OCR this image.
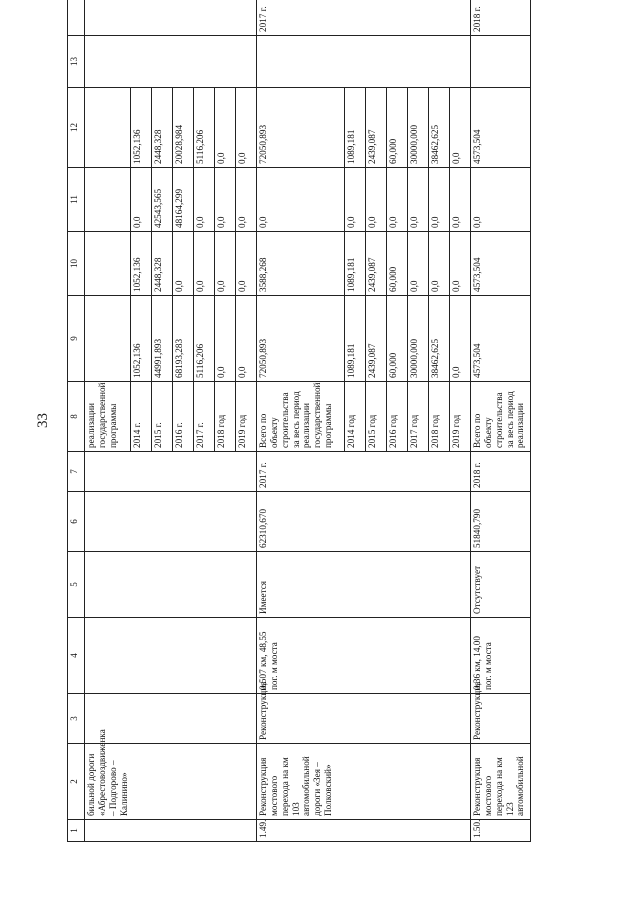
33
1	2	3	4	5	6	7	8	9	10	11	12	13	
	бильной дороги «Абрестовоздвиженка – Подгорово – Калинино»						реализации государственной программы						
							2014 г.	1052,136	1052,136	0,0	1052,136		
							2015 г.	44991,893	2448,328	42543,565	2448,328		
							2016 г.	68193,283	0,0	48164,299	20028,984		
							2017 г.	5116,206	0,0	0,0	5116,206		
							2018 год	0,0	0,0	0,0	0,0		
							2019 год	0,0	0,0	0,0	0,0		
1.49.	Реконструкция мостового перехода на км 103 автомобильной дороги «Зея – Полковский»	Реконструкция	0,507 км, 48,55 пог. м моста	Имеется	62310,670	2017 г.	Всего по объекту строительства за весь период реализации государственной программы	72050,893	3588,268	0,0	72050,893		2017 г.
							2014 год	1089,181	1089,181	0,0	1089,181		
							2015 год	2439,087	2439,087	0,0	2439,087		
							2016 год	60,000	60,000	0,0	60,000		
							2017 год	30000,000	0,0	0,0	30000,000		
							2018 год	38462,625	0,0	0,0	38462,625		
							2019 год	0,0	0,0	0,0	0,0		
1.50.	Реконструкция мостового перехода на км 123 автомобильной	Реконструкция	0,36 км, 14,00 пог. м моста	Отсутствует	51840,790	2018 г.	Всего по объекту строительства за весь период реализации	4573,504	4573,504	0,0	4573,504		2018 г.
